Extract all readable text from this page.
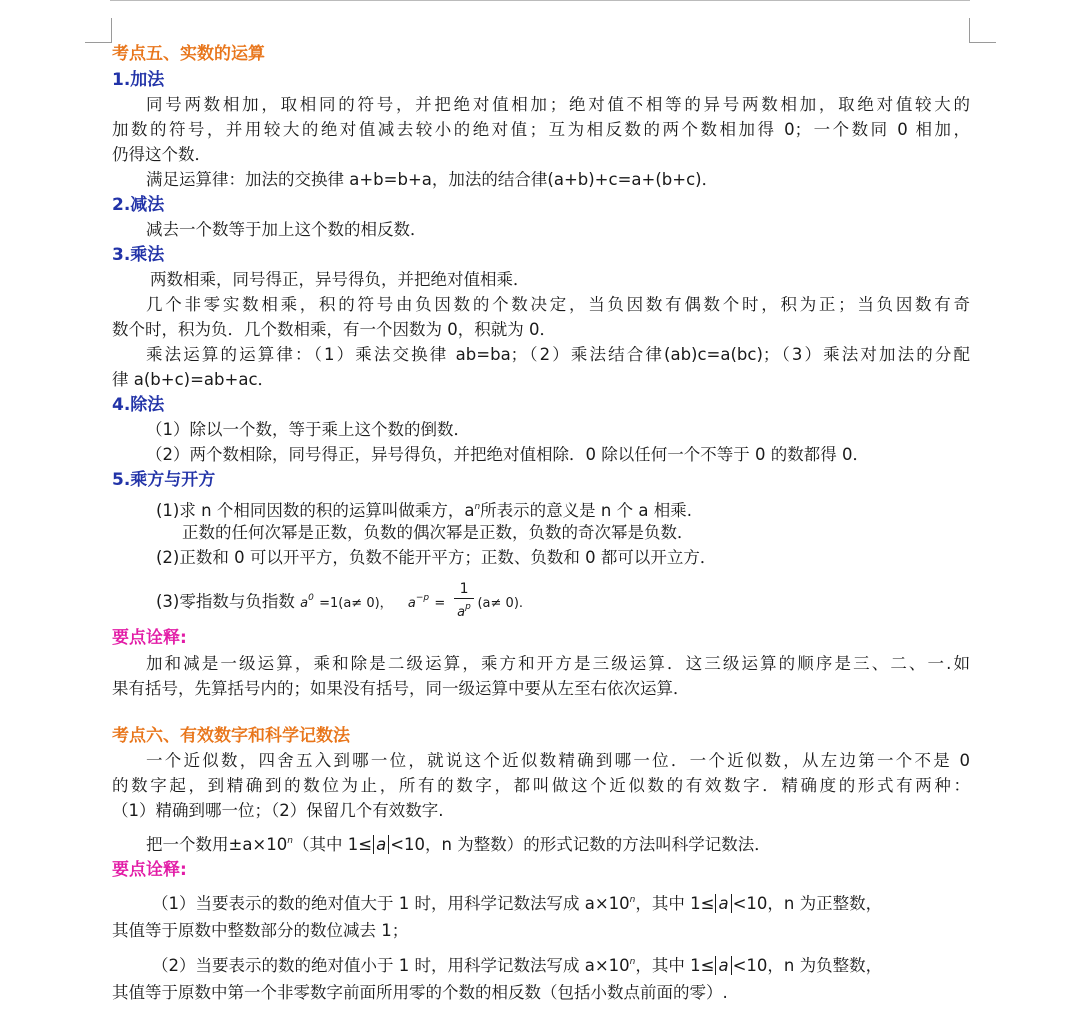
考点五、实数的运算
1.加法
同号两数相加，取相同的符号，并把绝对值相加；绝对值不相等的异号两数相加，取绝对值较大的
加数的符号，并用较大的绝对值减去较小的绝对值；互为相反数的两个数相加得 0；一个数同 0 相加，
仍得这个数．
满足运算律：加法的交换律 a+b=b+a，加法的结合律(a+b)+c=a+(b+c)．
2.减法
减去一个数等于加上这个数的相反数．
3.乘法
两数相乘，同号得正，异号得负，并把绝对值相乘．
几个非零实数相乘，积的符号由负因数的个数决定，当负因数有偶数个时，积为正；当负因数有奇
数个时，积为负．几个数相乘，有一个因数为 0，积就为 0．
乘法运算的运算律：（1）乘法交换律 ab=ba；（2）乘法结合律(ab)c=a(bc)；（3）乘法对加法的分配
律 a(b+c)=ab+ac．
4.除法
（1）除以一个数，等于乘上这个数的倒数．
（2）两个数相除，同号得正，异号得负，并把绝对值相除．0 除以任何一个不等于 0 的数都得 0．
5.乘方与开方
(1)求 n 个相同因数的积的运算叫做乘方，$a^n$所表示的意义是 n 个 a 相乘.
正数的任何次幂是正数，负数的偶次幂是正数，负数的奇次幂是负数．
(2)正数和 0 可以开平方，负数不能开平方；正数、负数和 0 都可以开立方．
(3)零指数与负指数 $a^0 =1(a\ne 0)$， $a^{-p} = \frac{1}{a^p} (a\ne 0)$.
要点诠释:
加和减是一级运算，乘和除是二级运算，乘方和开方是三级运算．这三级运算的顺序是三、二、一.如
果有括号，先算括号内的；如果没有括号，同一级运算中要从左至右依次运算．
考点六、有效数字和科学记数法
一个近似数，四舍五入到哪一位，就说这个近似数精确到哪一位．一个近似数，从左边第一个不是 0
的数字起，到精确到的数位为止，所有的数字，都叫做这个近似数的有效数字．精确度的形式有两种：
（1）精确到哪一位；（2）保留几个有效数字.
把一个数用$\pm a\times 10^n$（其中 1≤ a <10，n 为整数）的形式记数的方法叫科学记数法．
要点诠释:
（1）当要表示的数的绝对值大于 1 时，用科学记数法写成 $a\times 10^n$，其中 1≤ a <10，n 为正整数，
其值等于原数中整数部分的数位减去 1；
（2）当要表示的数的绝对值小于 1 时，用科学记数法写成 $a\times 10^n$，其中 1≤ a <10，n 为负整数，
其值等于原数中第一个非零数字前面所用零的个数的相反数（包括小数点前面的零）.
